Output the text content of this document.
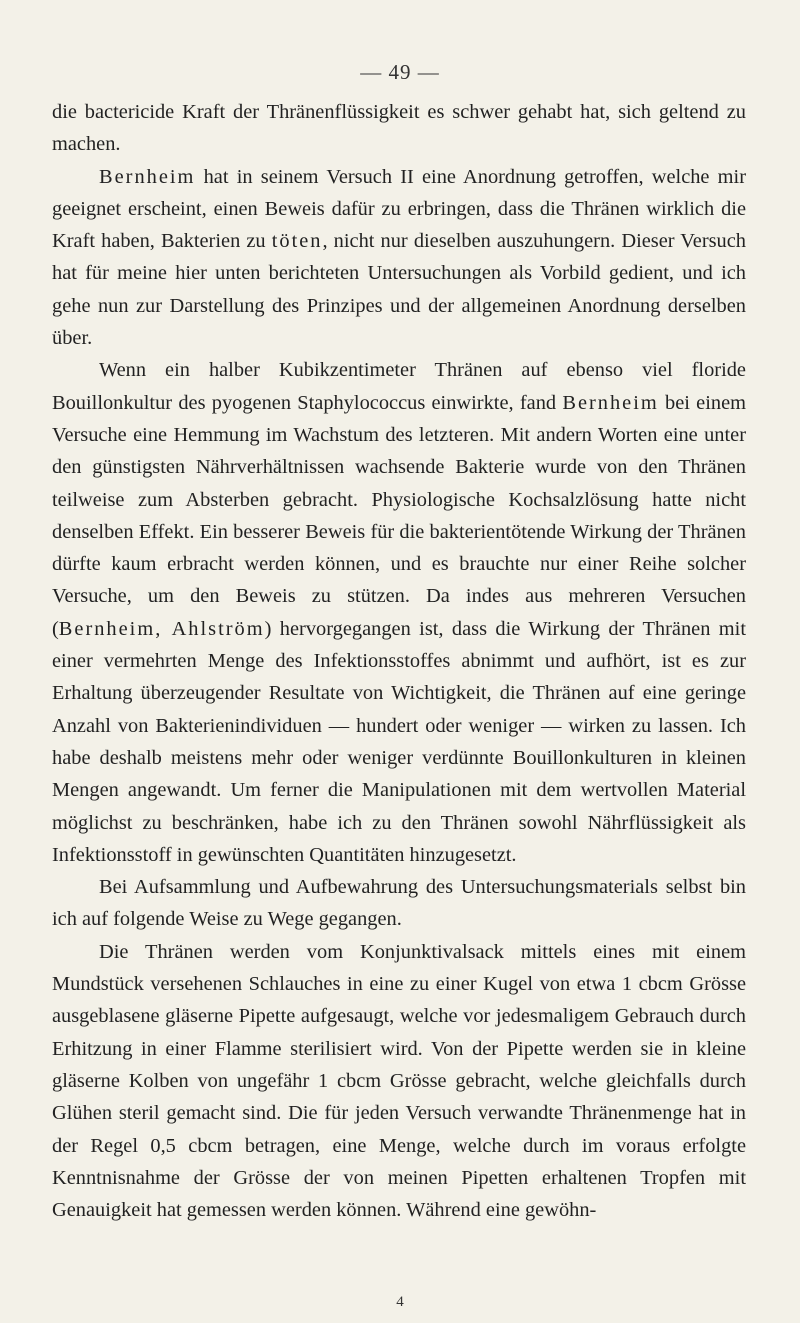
— 49 —

die bactericide Kraft der Thränenflüssigkeit es schwer gehabt hat, sich geltend zu machen.

Bernheim hat in seinem Versuch II eine Anordnung getroffen, welche mir geeignet erscheint, einen Beweis dafür zu erbringen, dass die Thränen wirklich die Kraft haben, Bakterien zu töten, nicht nur dieselben auszuhungern. Dieser Versuch hat für meine hier unten berichteten Untersuchungen als Vorbild gedient, und ich gehe nun zur Darstellung des Prinzipes und der allgemeinen Anordnung derselben über.

Wenn ein halber Kubikzentimeter Thränen auf ebenso viel floride Bouillonkultur des pyogenen Staphylococcus einwirkte, fand Bernheim bei einem Versuche eine Hemmung im Wachstum des letzteren. Mit andern Worten eine unter den günstigsten Nährverhältnissen wachsende Bakterie wurde von den Thränen teilweise zum Absterben gebracht. Physiologische Kochsalzlösung hatte nicht denselben Effekt. Ein besserer Beweis für die bakterientötende Wirkung der Thränen dürfte kaum erbracht werden können, und es brauchte nur einer Reihe solcher Versuche, um den Beweis zu stützen. Da indes aus mehreren Versuchen (Bernheim, Ahlström) hervorgegangen ist, dass die Wirkung der Thränen mit einer vermehrten Menge des Infektionsstoffes abnimmt und aufhört, ist es zur Erhaltung überzeugender Resultate von Wichtigkeit, die Thränen auf eine geringe Anzahl von Bakterienindividuen — hundert oder weniger — wirken zu lassen. Ich habe deshalb meistens mehr oder weniger verdünnte Bouillonkulturen in kleinen Mengen angewandt. Um ferner die Manipulationen mit dem wertvollen Material möglichst zu beschränken, habe ich zu den Thränen sowohl Nährflüssigkeit als Infektionsstoff in gewünschten Quantitäten hinzugesetzt.

Bei Aufsammlung und Aufbewahrung des Untersuchungsmaterials selbst bin ich auf folgende Weise zu Wege gegangen.

Die Thränen werden vom Konjunktivalsack mittels eines mit einem Mundstück versehenen Schlauches in eine zu einer Kugel von etwa 1 cbcm Grösse ausgeblasene gläserne Pipette aufgesaugt, welche vor jedesmaligem Gebrauch durch Erhitzung in einer Flamme sterilisiert wird. Von der Pipette werden sie in kleine gläserne Kolben von ungefähr 1 cbcm Grösse gebracht, welche gleichfalls durch Glühen steril gemacht sind. Die für jeden Versuch verwandte Thränenmenge hat in der Regel 0,5 cbcm betragen, eine Menge, welche durch im voraus erfolgte Kenntnisnahme der Grösse der von meinen Pipetten erhaltenen Tropfen mit Genauigkeit hat gemessen werden können. Während eine gewöhn-

4
